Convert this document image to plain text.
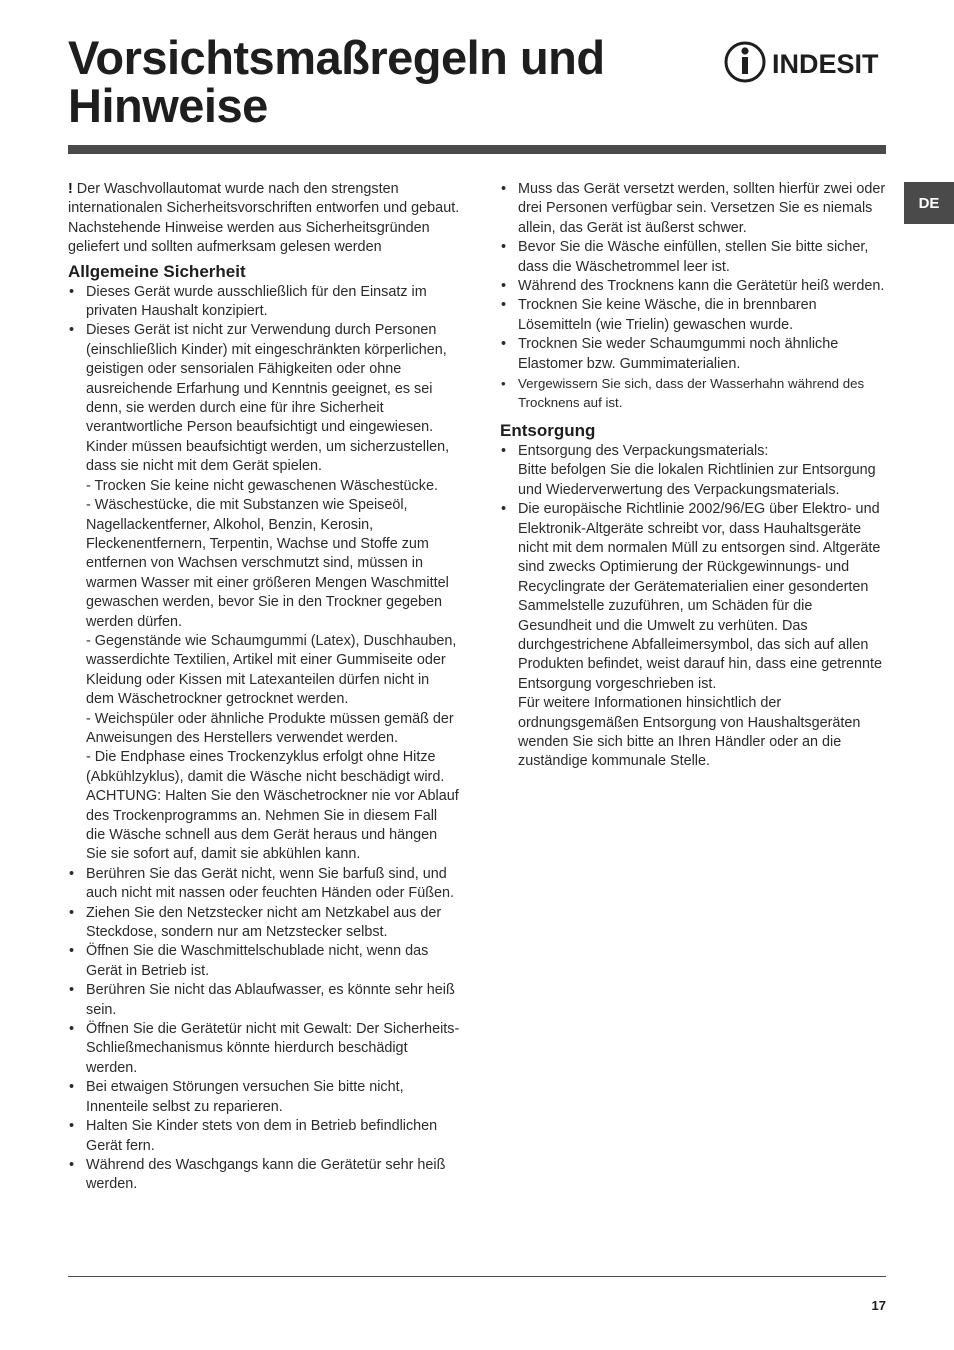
Vorsichtsmaßregeln und Hinweise
INDESIT
DE

! Der Waschvollautomat wurde nach den strengsten internationalen Sicherheitsvorschriften entworfen und gebaut. Nachstehende Hinweise werden aus Sicherheitsgründen geliefert und sollten aufmerksam gelesen werden

Allgemeine Sicherheit
• Dieses Gerät wurde ausschließlich für den Einsatz im privaten Haushalt konzipiert.
• Dieses Gerät ist nicht zur Verwendung durch Personen (einschließlich Kinder) mit eingeschränkten körperlichen, geistigen oder sensorialen Fähigkeiten oder ohne ausreichende Erfarhung und Kenntnis geeignet, es sei denn, sie werden durch eine für ihre Sicherheit verantwortliche Person beaufsichtigt und eingewiesen. Kinder müssen beaufsichtigt werden, um sicherzustellen, dass sie nicht mit dem Gerät spielen.
- Trocken Sie keine nicht gewaschenen Wäschestücke.
- Wäschestücke, die mit Substanzen wie Speiseöl, Nagellackentferner, Alkohol, Benzin, Kerosin, Fleckenentfernern, Terpentin, Wachse und Stoffe zum entfernen von Wachsen verschmutzt sind, müssen in warmen Wasser mit einer größeren Mengen Waschmittel gewaschen werden, bevor Sie in den Trockner gegeben werden dürfen.
- Gegenstände wie Schaumgummi (Latex), Duschhauben, wasserdichte Textilien, Artikel mit einer Gummiseite oder Kleidung oder Kissen mit Latexanteilen dürfen nicht in dem Wäschetrockner getrocknet werden.
- Weichspüler oder ähnliche Produkte müssen gemäß der Anweisungen des Herstellers verwendet werden.
- Die Endphase eines Trockenzyklus erfolgt ohne Hitze (Abkühlzyklus), damit die Wäsche nicht beschädigt wird.
ACHTUNG: Halten Sie den Wäschetrockner nie vor Ablauf des Trockenprogramms an. Nehmen Sie in diesem Fall die Wäsche schnell aus dem Gerät heraus und hängen Sie sie sofort auf, damit sie abkühlen kann.
• Berühren Sie das Gerät nicht, wenn Sie barfuß sind, und auch nicht mit nassen oder feuchten Händen oder Füßen.
• Ziehen Sie den Netzstecker nicht am Netzkabel aus der Steckdose, sondern nur am Netzstecker selbst.
• Öffnen Sie die Waschmittelschublade nicht, wenn das Gerät in Betrieb ist.
• Berühren Sie nicht das Ablaufwasser, es könnte sehr heiß sein.
• Öffnen Sie die Gerätetür nicht mit Gewalt: Der Sicherheits-Schließmechanismus könnte hierdurch beschädigt werden.
• Bei etwaigen Störungen versuchen Sie bitte nicht, Innenteile selbst zu reparieren.
• Halten Sie Kinder stets von dem in Betrieb befindlichen Gerät fern.
• Während des Waschgangs kann die Gerätetür sehr heiß werden.
• Muss das Gerät versetzt werden, sollten hierfür zwei oder drei Personen verfügbar sein. Versetzen Sie es niemals allein, das Gerät ist äußerst schwer.
• Bevor Sie die Wäsche einfüllen, stellen Sie bitte sicher, dass die Wäschetrommel leer ist.
• Während des Trocknens kann die Gerätetür heiß werden.
• Trocknen Sie keine Wäsche, die in brennbaren Lösemitteln (wie Trielin) gewaschen wurde.
• Trocknen Sie weder Schaumgummi noch ähnliche Elastomer bzw. Gummimaterialien.
• Vergewissern Sie sich, dass der Wasserhahn während des Trocknens auf ist.
Entsorgung
• Entsorgung des Verpackungsmaterials:
Bitte befolgen Sie die lokalen Richtlinien zur Entsorgung und Wiederverwertung des Verpackungsmaterials.
• Die europäische Richtlinie 2002/96/EG über Elektro- und Elektronik-Altgeräte schreibt vor, dass Hauhaltsgeräte nicht mit dem normalen Müll zu entsorgen sind. Altgeräte sind zwecks Optimierung der Rückgewinnungs- und Recyclingrate der Gerätematerialien einer gesonderten Sammelstelle zuzuführen, um Schäden für die Gesundheit und die Umwelt zu verhüten. Das durchgestrichene Abfalleimersymbol, das sich auf allen Produkten befindet, weist darauf hin, dass eine getrennte Entsorgung vorgeschrieben ist.
Für weitere Informationen hinsichtlich der ordnungsgemäßen Entsorgung von Haushaltsgeräten wenden Sie sich bitte an Ihren Händler oder an die zuständige kommunale Stelle.
17
